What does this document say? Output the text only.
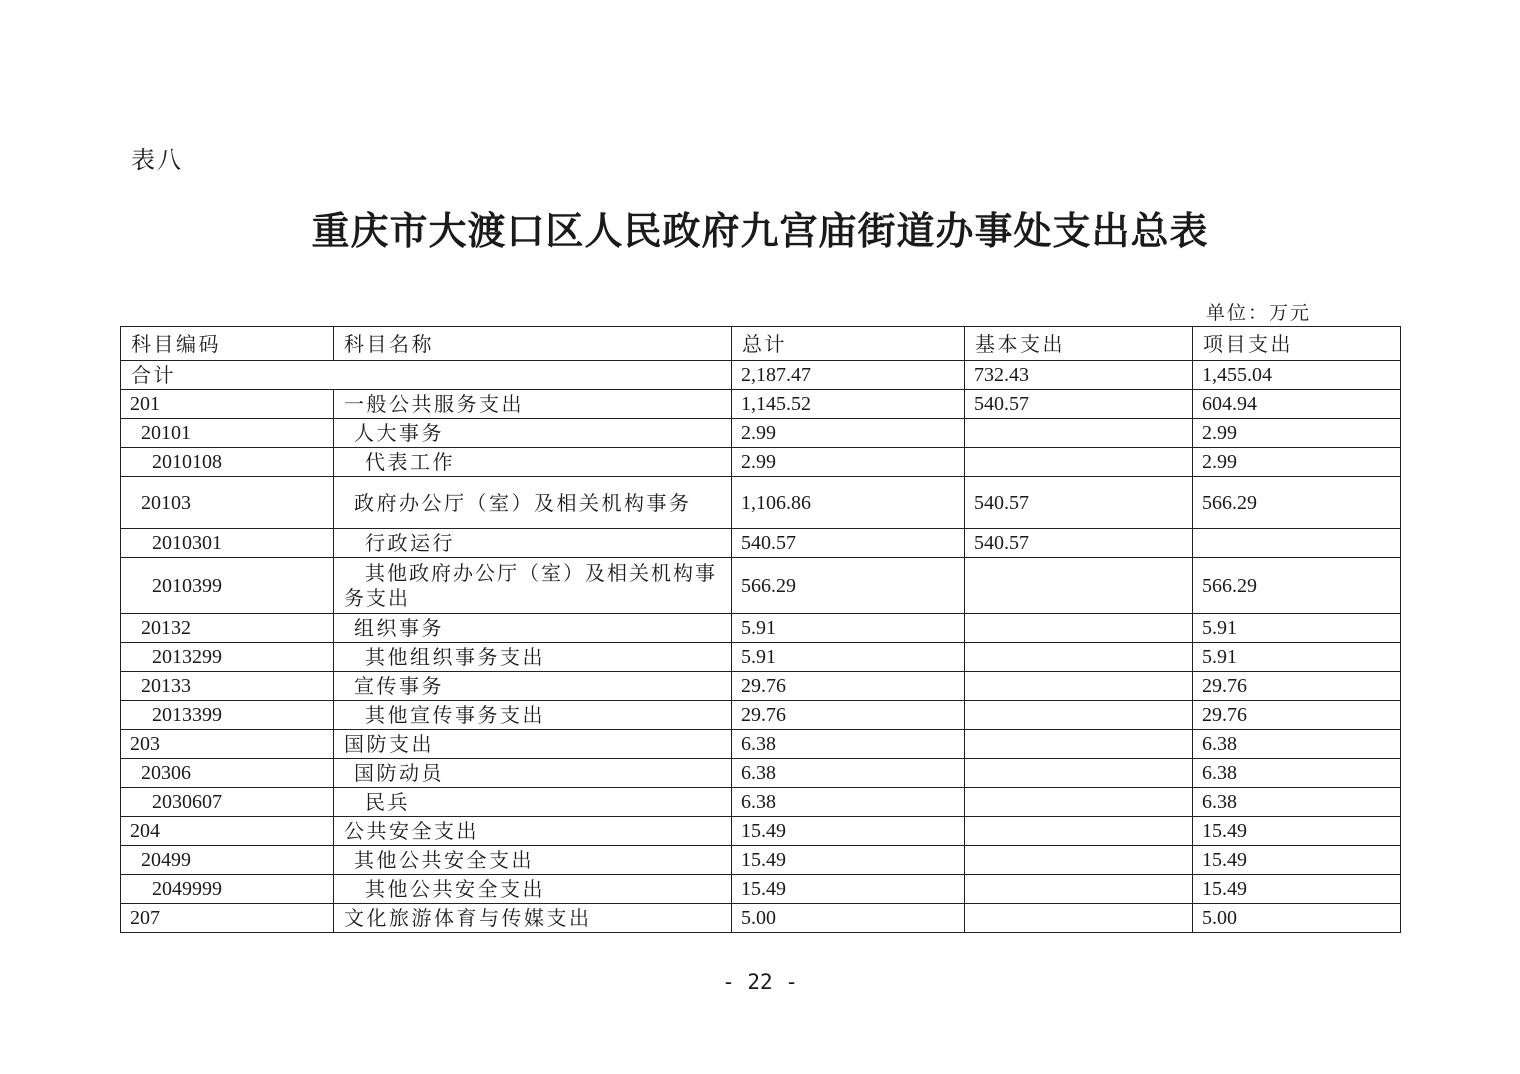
表八
重庆市大渡口区人民政府九宫庙街道办事处支出总表
单位：万元
科目编码	科目名称	总计	基本支出	项目支出
合计		2,187.47	732.43	1,455.04
201	一般公共服务支出	1,145.52	540.57	604.94
20101	人大事务	2.99		2.99
2010108	代表工作	2.99		2.99
20103	政府办公厅（室）及相关机构事务	1,106.86	540.57	566.29
2010301	行政运行	540.57	540.57	
2010399	其他政府办公厅（室）及相关机构事务支出	566.29		566.29
20132	组织事务	5.91		5.91
2013299	其他组织事务支出	5.91		5.91
20133	宣传事务	29.76		29.76
2013399	其他宣传事务支出	29.76		29.76
203	国防支出	6.38		6.38
20306	国防动员	6.38		6.38
2030607	民兵	6.38		6.38
204	公共安全支出	15.49		15.49
20499	其他公共安全支出	15.49		15.49
2049999	其他公共安全支出	15.49		15.49
207	文化旅游体育与传媒支出	5.00		5.00
- 22 -
